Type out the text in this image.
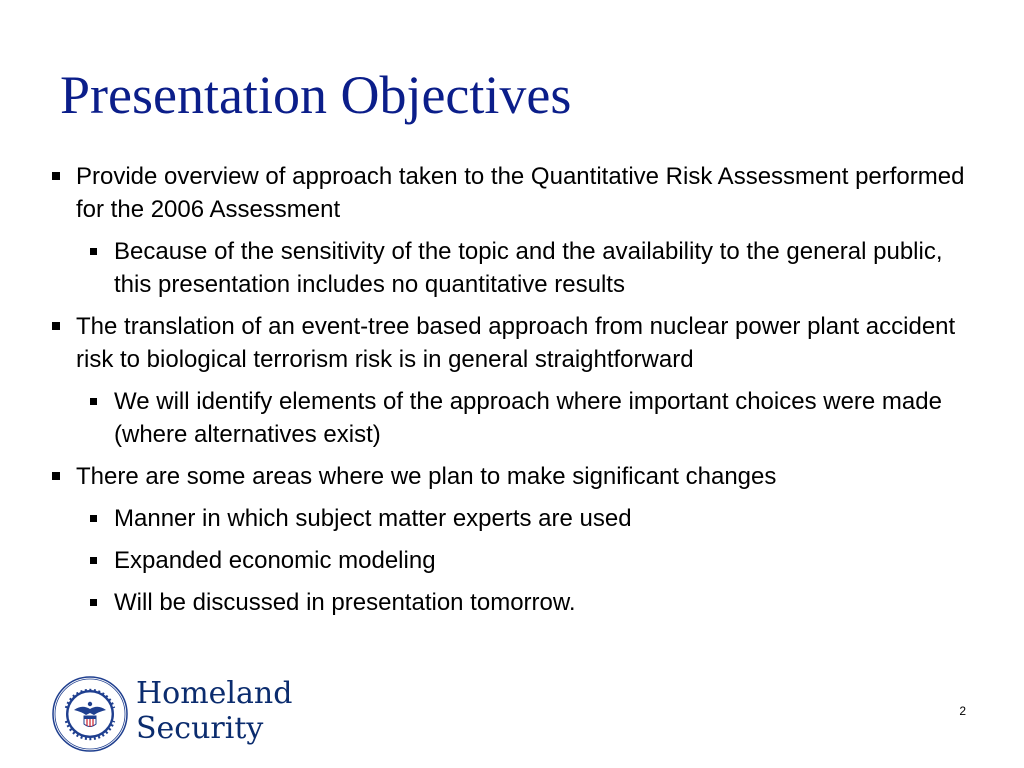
Presentation Objectives
Provide overview of approach taken to the Quantitative Risk Assessment performed for the 2006 Assessment
Because of the sensitivity of the topic and the availability to the general public, this presentation includes no quantitative results
The translation of an event-tree based approach from nuclear power plant accident risk to biological terrorism risk is in general straightforward
We will identify elements of the approach where important choices were made (where alternatives exist)
There are some areas where we plan to make significant changes
Manner in which subject matter experts are used
Expanded economic modeling
Will be discussed in presentation tomorrow.
Homeland
Security	2
